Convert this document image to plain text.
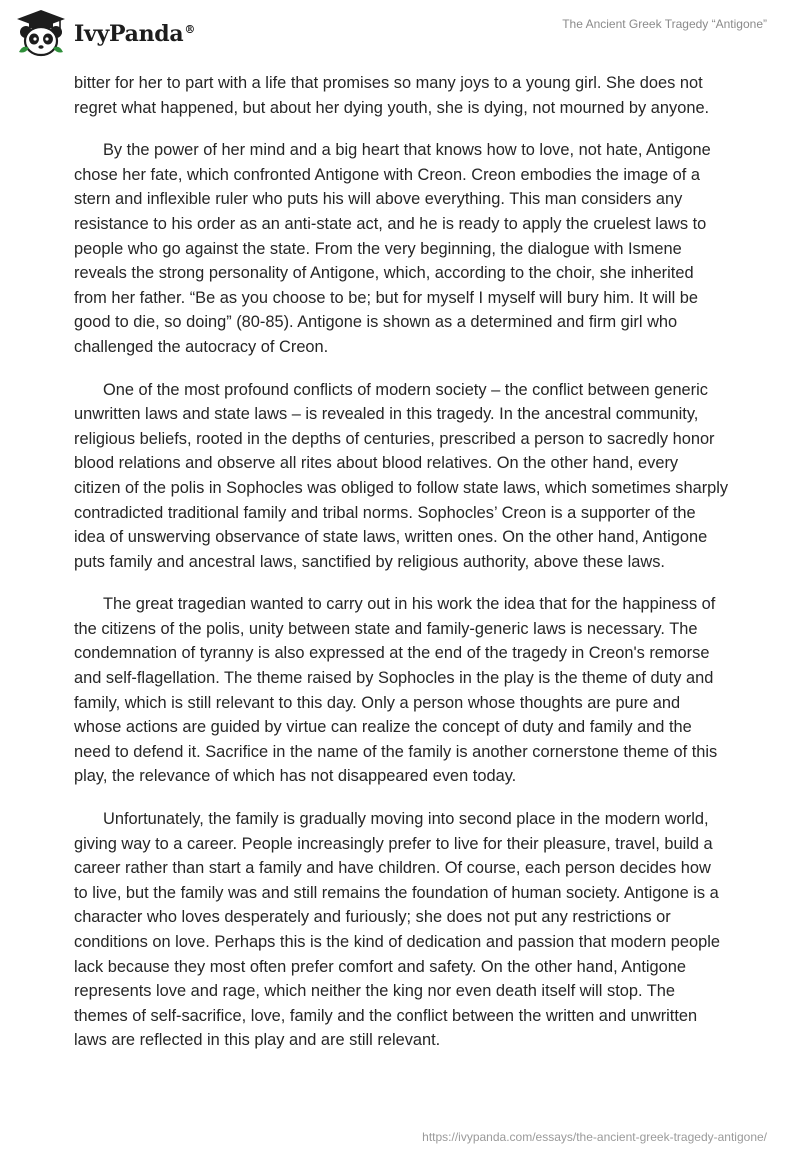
IvyPanda®	The Ancient Greek Tragedy “Antigone”

bitter for her to part with a life that promises so many joys to a young girl. She does not regret what happened, but about her dying youth, she is dying, not mourned by anyone.

By the power of her mind and a big heart that knows how to love, not hate, Antigone chose her fate, which confronted Antigone with Creon. Creon embodies the image of a stern and inflexible ruler who puts his will above everything. This man considers any resistance to his order as an anti-state act, and he is ready to apply the cruelest laws to people who go against the state. From the very beginning, the dialogue with Ismene reveals the strong personality of Antigone, which, according to the choir, she inherited from her father. “Be as you choose to be; but for myself I myself will bury him. It will be good to die, so doing” (80-85). Antigone is shown as a determined and firm girl who challenged the autocracy of Creon.

One of the most profound conflicts of modern society – the conflict between generic unwritten laws and state laws – is revealed in this tragedy. In the ancestral community, religious beliefs, rooted in the depths of centuries, prescribed a person to sacredly honor blood relations and observe all rites about blood relatives. On the other hand, every citizen of the polis in Sophocles was obliged to follow state laws, which sometimes sharply contradicted traditional family and tribal norms. Sophocles’ Creon is a supporter of the idea of unswerving observance of state laws, written ones. On the other hand, Antigone puts family and ancestral laws, sanctified by religious authority, above these laws.

The great tragedian wanted to carry out in his work the idea that for the happiness of the citizens of the polis, unity between state and family-generic laws is necessary. The condemnation of tyranny is also expressed at the end of the tragedy in Creon's remorse and self-flagellation. The theme raised by Sophocles in the play is the theme of duty and family, which is still relevant to this day. Only a person whose thoughts are pure and whose actions are guided by virtue can realize the concept of duty and family and the need to defend it. Sacrifice in the name of the family is another cornerstone theme of this play, the relevance of which has not disappeared even today.

Unfortunately, the family is gradually moving into second place in the modern world, giving way to a career. People increasingly prefer to live for their pleasure, travel, build a career rather than start a family and have children. Of course, each person decides how to live, but the family was and still remains the foundation of human society. Antigone is a character who loves desperately and furiously; she does not put any restrictions or conditions on love. Perhaps this is the kind of dedication and passion that modern people lack because they most often prefer comfort and safety. On the other hand, Antigone represents love and rage, which neither the king nor even death itself will stop. The themes of self-sacrifice, love, family and the conflict between the written and unwritten laws are reflected in this play and are still relevant.

https://ivypanda.com/essays/the-ancient-greek-tragedy-antigone/
